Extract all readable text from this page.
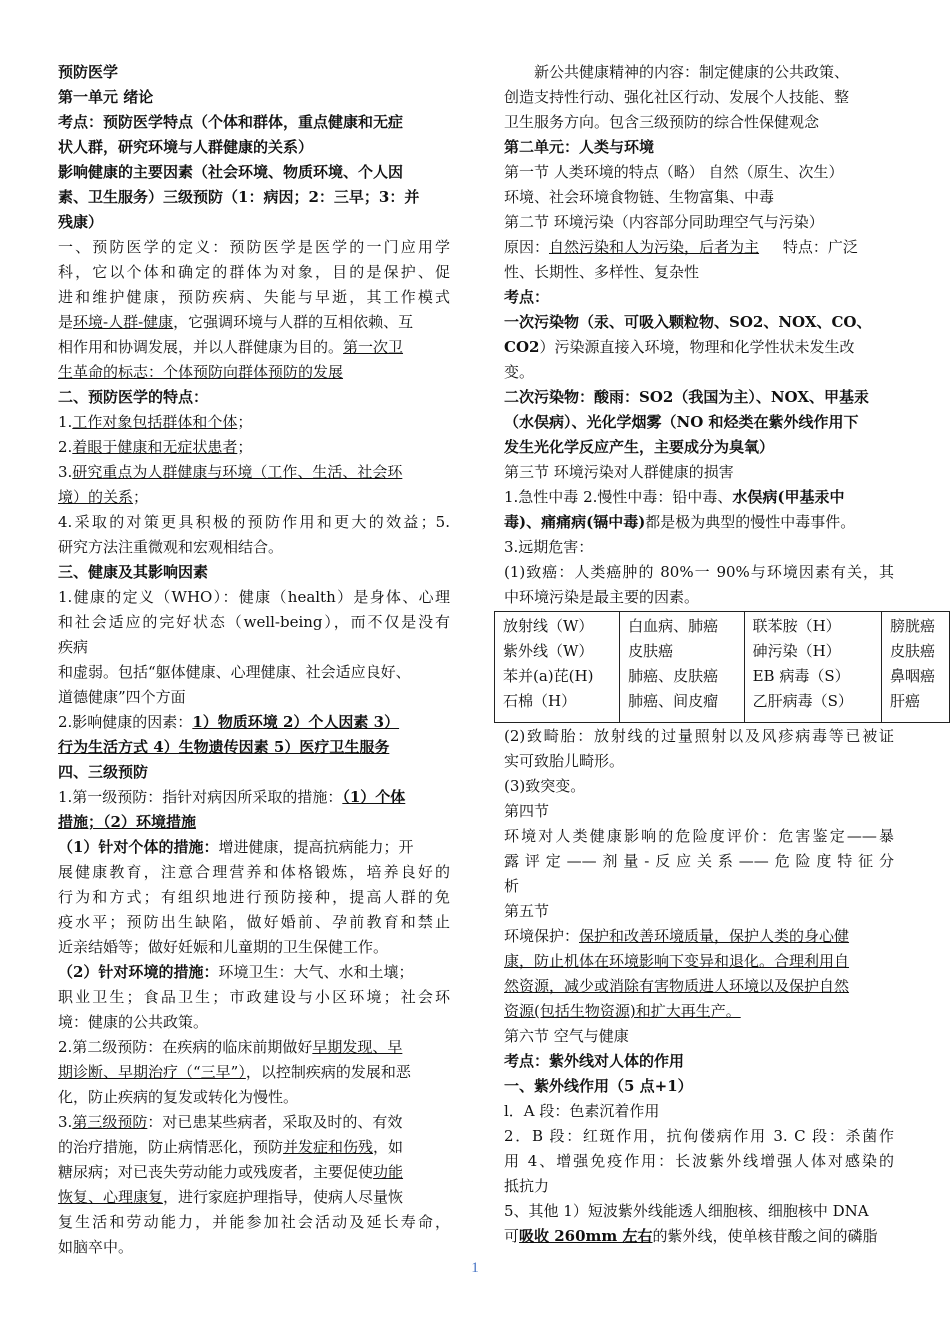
预防医学
第一单元 绪论
考点：预防医学特点（个体和群体，重点健康和无症
状人群，研究环境与人群健康的关系）
影响健康的主要因素（社会环境、物质环境、个人因
素、卫生服务）三级预防（1：病因；2：三早；3：并
残康）
一、预防医学的定义：预防医学是医学的一门应用学
科，它以个体和确定的群体为对象，目的是保护、促
进和维护健康，预防疾病、失能与早逝，其工作模式
是环境-人群-健康，它强调环境与人群的互相依赖、互
相作用和协调发展，并以人群健康为目的。第一次卫
生革命的标志：个体预防向群体预防的发展
二、预防医学的特点：
1.工作对象包括群体和个体；
2.着眼于健康和无症状患者；
3.研究重点为人群健康与环境（工作、生活、社会环
境）的关系；
4.采取的对策更具积极的预防作用和更大的效益；5.
研究方法注重微观和宏观相结合。
三、健康及其影响因素
1.健康的定义（WHO）：健康（health）是身体、心理
和社会适应的完好状态（well-being），而不仅是没有
疾病
和虚弱。包括“躯体健康、心理健康、社会适应良好、
道德健康”四个方面
2.影响健康的因素：1）物质环境 2）个人因素 3）
行为生活方式 4）生物遗传因素 5）医疗卫生服务
四、三级预防
1.第一级预防：指针对病因所采取的措施：（1）个体
措施；（2）环境措施
（1）针对个体的措施：增进健康，提高抗病能力；开
展健康教育，注意合理营养和体格锻炼，培养良好的
行为和方式；有组织地进行预防接种，提高人群的免
疫水平；预防出生缺陷，做好婚前、孕前教育和禁止
近亲结婚等；做好妊娠和儿童期的卫生保健工作。
（2）针对环境的措施：环境卫生：大气、水和土壤；
职业卫生；食品卫生；市政建设与小区环境；社会环
境：健康的公共政策。
2.第二级预防：在疾病的临床前期做好早期发现、早
期诊断、早期治疗（“三早”），以控制疾病的发展和恶
化，防止疾病的复发或转化为慢性。
3.第三级预防：对已患某些病者，采取及时的、有效
的治疗措施，防止病情恶化，预防并发症和伤残，如
糖尿病；对已丧失劳动能力或残废者，主要促使功能
恢复、心理康复，进行家庭护理指导，使病人尽量恢
复生活和劳动能力，并能参加社会活动及延长寿命，
如脑卒中。
新公共健康精神的内容：制定健康的公共政策、
创造支持性行动、强化社区行动、发展个人技能、整
卫生服务方向。包含三级预防的综合性保健观念
第二单元：人类与环境
第一节 人类环境的特点（略） 自然（原生、次生）
环境、社会环境食物链、生物富集、中毒
第二节 环境污染（内容部分同助理空气与污染）
原因：自然污染和人为污染，后者为主     特点：广泛
性、长期性、多样性、复杂性
考点：
一次污染物（汞、可吸入颗粒物、SO2、NOX、CO、
CO2）污染源直接入环境，物理和化学性状未发生改
变。
二次污染物：酸雨：SO2（我国为主）、NOX、甲基汞
（水俣病）、光化学烟雾（NO 和烃类在紫外线作用下
发生光化学反应产生，主要成分为臭氧）
第三节 环境污染对人群健康的损害
1.急性中毒 2.慢性中毒：铅中毒、水俣病(甲基汞中
毒)、痛痛病(镉中毒)都是极为典型的慢性中毒事件。
3.远期危害：
(1)致癌：人类癌肿的 80%一 90%与环境因素有关，其
中环境污染是最主要的因素。
放射线（W）	白血病、肺癌	联苯胺（H）	膀胱癌
紫外线（W）	皮肤癌	砷污染（H）	皮肤癌
苯并(a)芘(H)	肺癌、皮肤癌	EB 病毒（S）	鼻咽癌
石棉（H）	肺癌、间皮瘤	乙肝病毒（S）	肝癌
(2)致畸胎：放射线的过量照射以及风疹病毒等已被证
实可致胎儿畸形。
(3)致突变。
第四节
环境对人类健康影响的危险度评价：危害鉴定——暴
露评定——剂量-反应关系——危险度特征分
析
第五节
环境保护：保护和改善环境质量，保护人类的身心健
康，防止机体在环境影响下变异和退化。合理利用自
然资源，减少或消除有害物质进人环境以及保护自然
资源(包括生物资源)和扩大再生产。
第六节 空气与健康
考点：紫外线对人体的作用
一、紫外线作用（5 点+1）
l．A 段：色素沉着作用
2．B 段：红斑作用，抗佝偻病作用 3. C 段：杀菌作
用 4、增强免疫作用：长波紫外线增强人体对感染的
抵抗力
5、其他 1）短波紫外线能透人细胞核、细胞核中 DNA
可吸收 260mm 左右的紫外线，使单核苷酸之间的磷脂
1
